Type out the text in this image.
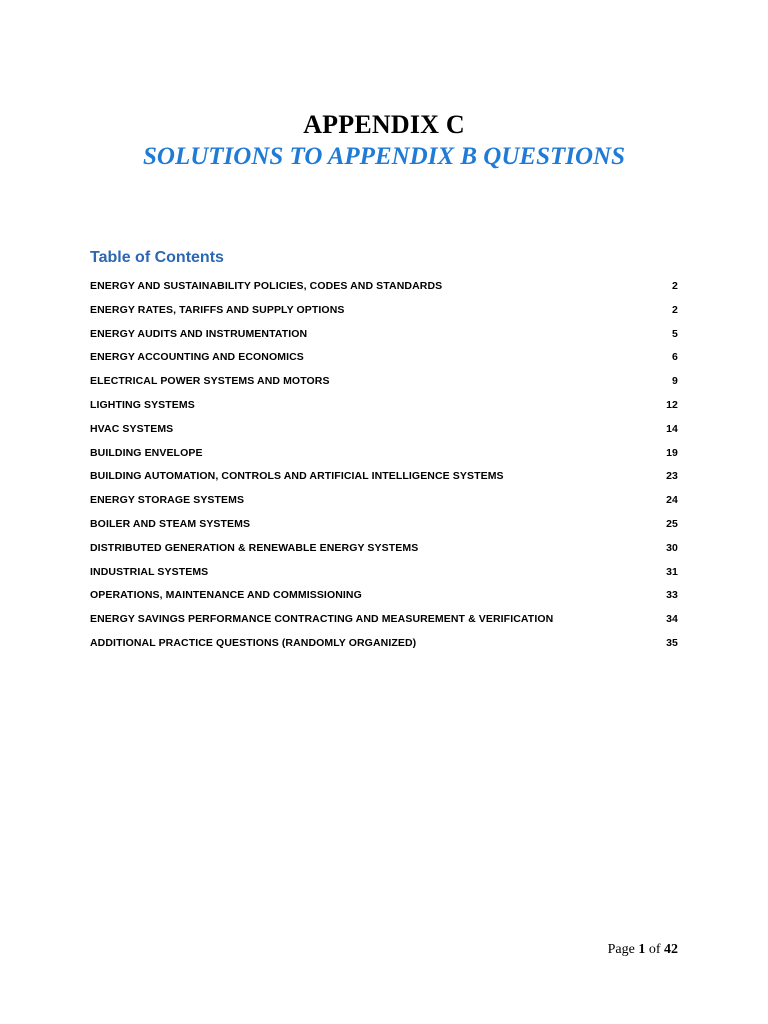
APPENDIX C
SOLUTIONS TO APPENDIX B QUESTIONS
Table of Contents
ENERGY AND SUSTAINABILITY POLICIES, CODES AND STANDARDS	2
ENERGY RATES, TARIFFS AND SUPPLY OPTIONS	2
ENERGY AUDITS AND INSTRUMENTATION	5
ENERGY ACCOUNTING AND ECONOMICS	6
ELECTRICAL POWER SYSTEMS AND MOTORS	9
LIGHTING SYSTEMS	12
HVAC SYSTEMS	14
BUILDING ENVELOPE	19
BUILDING AUTOMATION, CONTROLS AND ARTIFICIAL INTELLIGENCE SYSTEMS	23
ENERGY STORAGE SYSTEMS	24
BOILER AND STEAM SYSTEMS	25
DISTRIBUTED GENERATION & RENEWABLE ENERGY SYSTEMS	30
INDUSTRIAL SYSTEMS	31
OPERATIONS, MAINTENANCE AND COMMISSIONING	33
ENERGY SAVINGS PERFORMANCE CONTRACTING AND MEASUREMENT & VERIFICATION	34
ADDITIONAL PRACTICE QUESTIONS (RANDOMLY ORGANIZED)	35
Page 1 of 42
